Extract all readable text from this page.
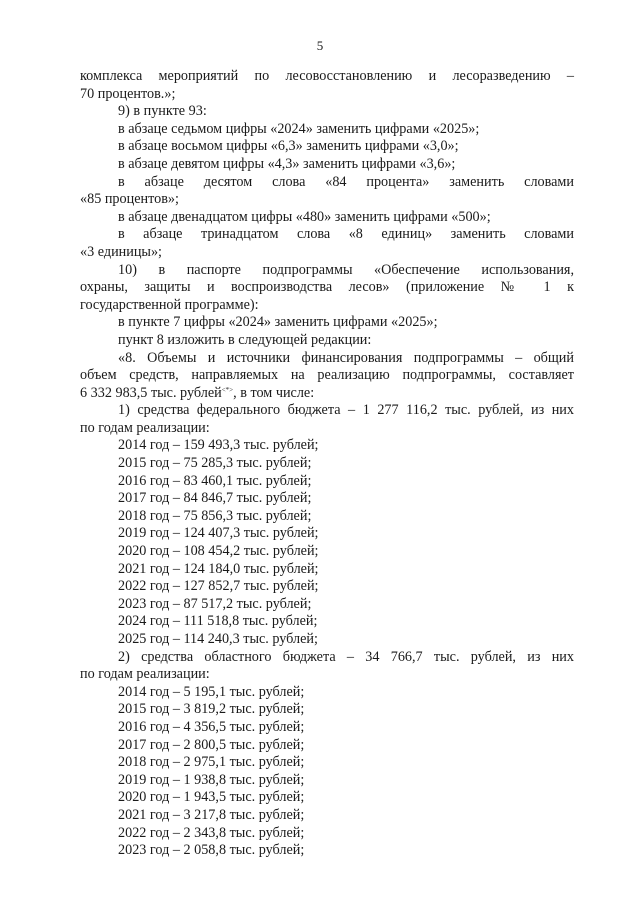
5
комплекса мероприятий по лесовосстановлению и лесоразведению –
70 процентов.»;
9) в пункте 93:
в абзаце седьмом цифры «2024» заменить цифрами «2025»;
в абзаце восьмом цифры «6,3» заменить цифрами «3,0»;
в абзаце девятом цифры «4,3» заменить цифрами «3,6»;
в абзаце десятом слова «84 процента» заменить словами
«85 процентов»;
в абзаце двенадцатом цифры «480» заменить цифрами «500»;
в абзаце тринадцатом слова «8 единиц» заменить словами
«3 единицы»;
10) в паспорте подпрограммы «Обеспечение использования,
охраны, защиты и воспроизводства лесов» (приложение № 1 к
государственной программе):
в пункте 7 цифры «2024» заменить цифрами «2025»;
пункт 8 изложить в следующей редакции:
«8. Объемы и источники финансирования подпрограммы – общий
объем средств, направляемых на реализацию подпрограммы, составляет
6 332 983,5 тыс. рублей<*>, в том числе:
1) средства федерального бюджета – 1 277 116,2 тыс. рублей, из них
по годам реализации:
2014 год – 159 493,3 тыс. рублей;
2015 год – 75 285,3 тыс. рублей;
2016 год – 83 460,1 тыс. рублей;
2017 год – 84 846,7 тыс. рублей;
2018 год – 75 856,3 тыс. рублей;
2019 год – 124 407,3 тыс. рублей;
2020 год – 108 454,2 тыс. рублей;
2021 год – 124 184,0 тыс. рублей;
2022 год – 127 852,7 тыс. рублей;
2023 год – 87 517,2 тыс. рублей;
2024 год – 111 518,8 тыс. рублей;
2025 год – 114 240,3 тыс. рублей;
2) средства областного бюджета – 34 766,7 тыс. рублей, из них
по годам реализации:
2014 год – 5 195,1 тыс. рублей;
2015 год – 3 819,2 тыс. рублей;
2016 год – 4 356,5 тыс. рублей;
2017 год – 2 800,5 тыс. рублей;
2018 год – 2 975,1 тыс. рублей;
2019 год – 1 938,8 тыс. рублей;
2020 год – 1 943,5 тыс. рублей;
2021 год – 3 217,8 тыс. рублей;
2022 год – 2 343,8 тыс. рублей;
2023 год – 2 058,8 тыс. рублей;
